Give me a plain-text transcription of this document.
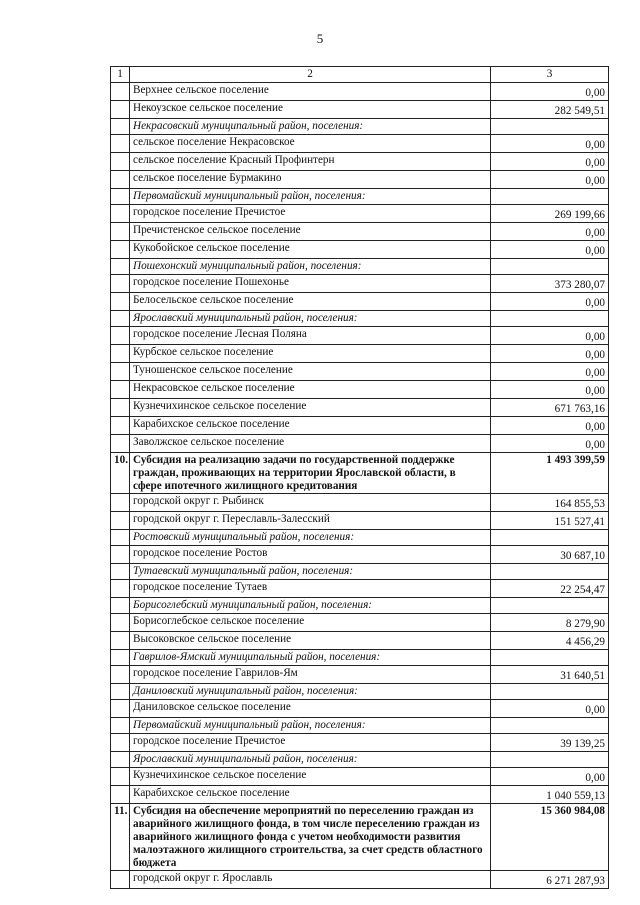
5
1	2	3
	Верхнее сельское поселение	0,00
	Некоузское сельское поселение	282 549,51
	Некрасовский муниципальный район, поселения:	
	сельское поселение Некрасовское	0,00
	сельское поселение Красный Профинтерн	0,00
	сельское поселение Бурмакино	0,00
	Первомайский муниципальный район, поселения:	
	городское поселение Пречистое	269 199,66
	Пречистенское сельское поселение	0,00
	Кукобойское сельское поселение	0,00
	Пошехонский муниципальный район, поселения:	
	городское поселение Пошехонье	373 280,07
	Белосельское сельское поселение	0,00
	Ярославский муниципальный район, поселения:	
	городское поселение Лесная Поляна	0,00
	Курбское сельское поселение	0,00
	Туношенское сельское поселение	0,00
	Некрасовское сельское поселение	0,00
	Кузнечихинское сельское поселение	671 763,16
	Карабихское сельское поселение	0,00
	Заволжское сельское поселение	0,00
10.	Субсидия на реализацию задачи по государственной поддержке граждан, проживающих на территории Ярославской области, в сфере ипотечного жилищного кредитования	1 493 399,59
	городской округ г. Рыбинск	164 855,53
	городской округ г. Переславль-Залесский	151 527,41
	Ростовский муниципальный район, поселения:	
	городское поселение Ростов	30 687,10
	Тутаевский муниципальный район, поселения:	
	городское поселение Тутаев	22 254,47
	Борисоглебский муниципальный район, поселения:	
	Борисоглебское сельское поселение	8 279,90
	Высоковское сельское поселение	4 456,29
	Гаврилов-Ямский муниципальный район, поселения:	
	городское поселение Гаврилов-Ям	31 640,51
	Даниловский муниципальный район, поселения:	
	Даниловское сельское поселение	0,00
	Первомайский муниципальный район, поселения:	
	городское поселение Пречистое	39 139,25
	Ярославский муниципальный район, поселения:	
	Кузнечихинское сельское поселение	0,00
	Карабихское сельское поселение	1 040 559,13
11.	Субсидия на обеспечение мероприятий по переселению граждан из аварийного жилищного фонда, в том числе переселению граждан из аварийного жилищного фонда с учетом необходимости развития малоэтажного жилищного строительства, за счет средств областного бюджета	15 360 984,08
	городской округ г. Ярославль	6 271 287,93
